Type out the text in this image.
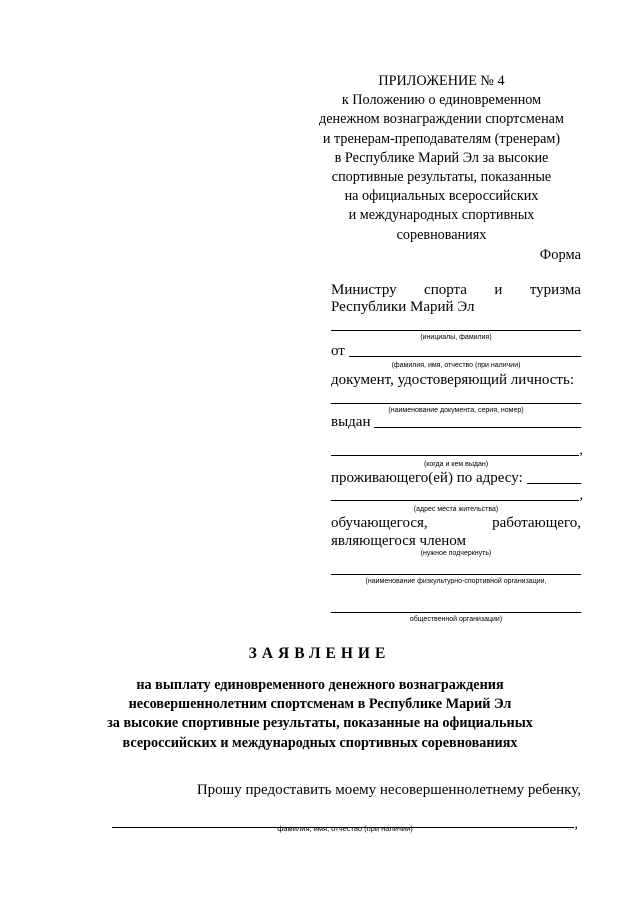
ПРИЛОЖЕНИЕ № 4
к Положению о единовременном
денежном вознаграждении спортсменам
и тренерам-преподавателям (тренерам)
в Республике Марий Эл за высокие
спортивные результаты, показанные
на официальных всероссийских
и международных спортивных
соревнованиях
Форма
Министру спорта и туризма
Республики Марий Эл
(инициалы, фамилия)
от
(фамилия, имя, отчество (при наличии)
документ, удостоверяющий личность:
(наименование документа, серия, номер)
выдан
,
(когда и кем выдан)
проживающего(ей) по адресу:
,
(адрес места жительства)
обучающегося,	работающего,
являющегося членом
(нужное подчеркнуть)
(наименование физкультурно-спортивной организации,
общественной организации)
ЗАЯВЛЕНИЕ
на выплату единовременного денежного вознаграждения
несовершеннолетним спортсменам в Республике Марий Эл
за высокие спортивные результаты, показанные на официальных
всероссийских и международных спортивных соревнованиях
Прошу предоставить моему несовершеннолетнему ребенку,
,
фамилия, имя, отчество (при наличии)
